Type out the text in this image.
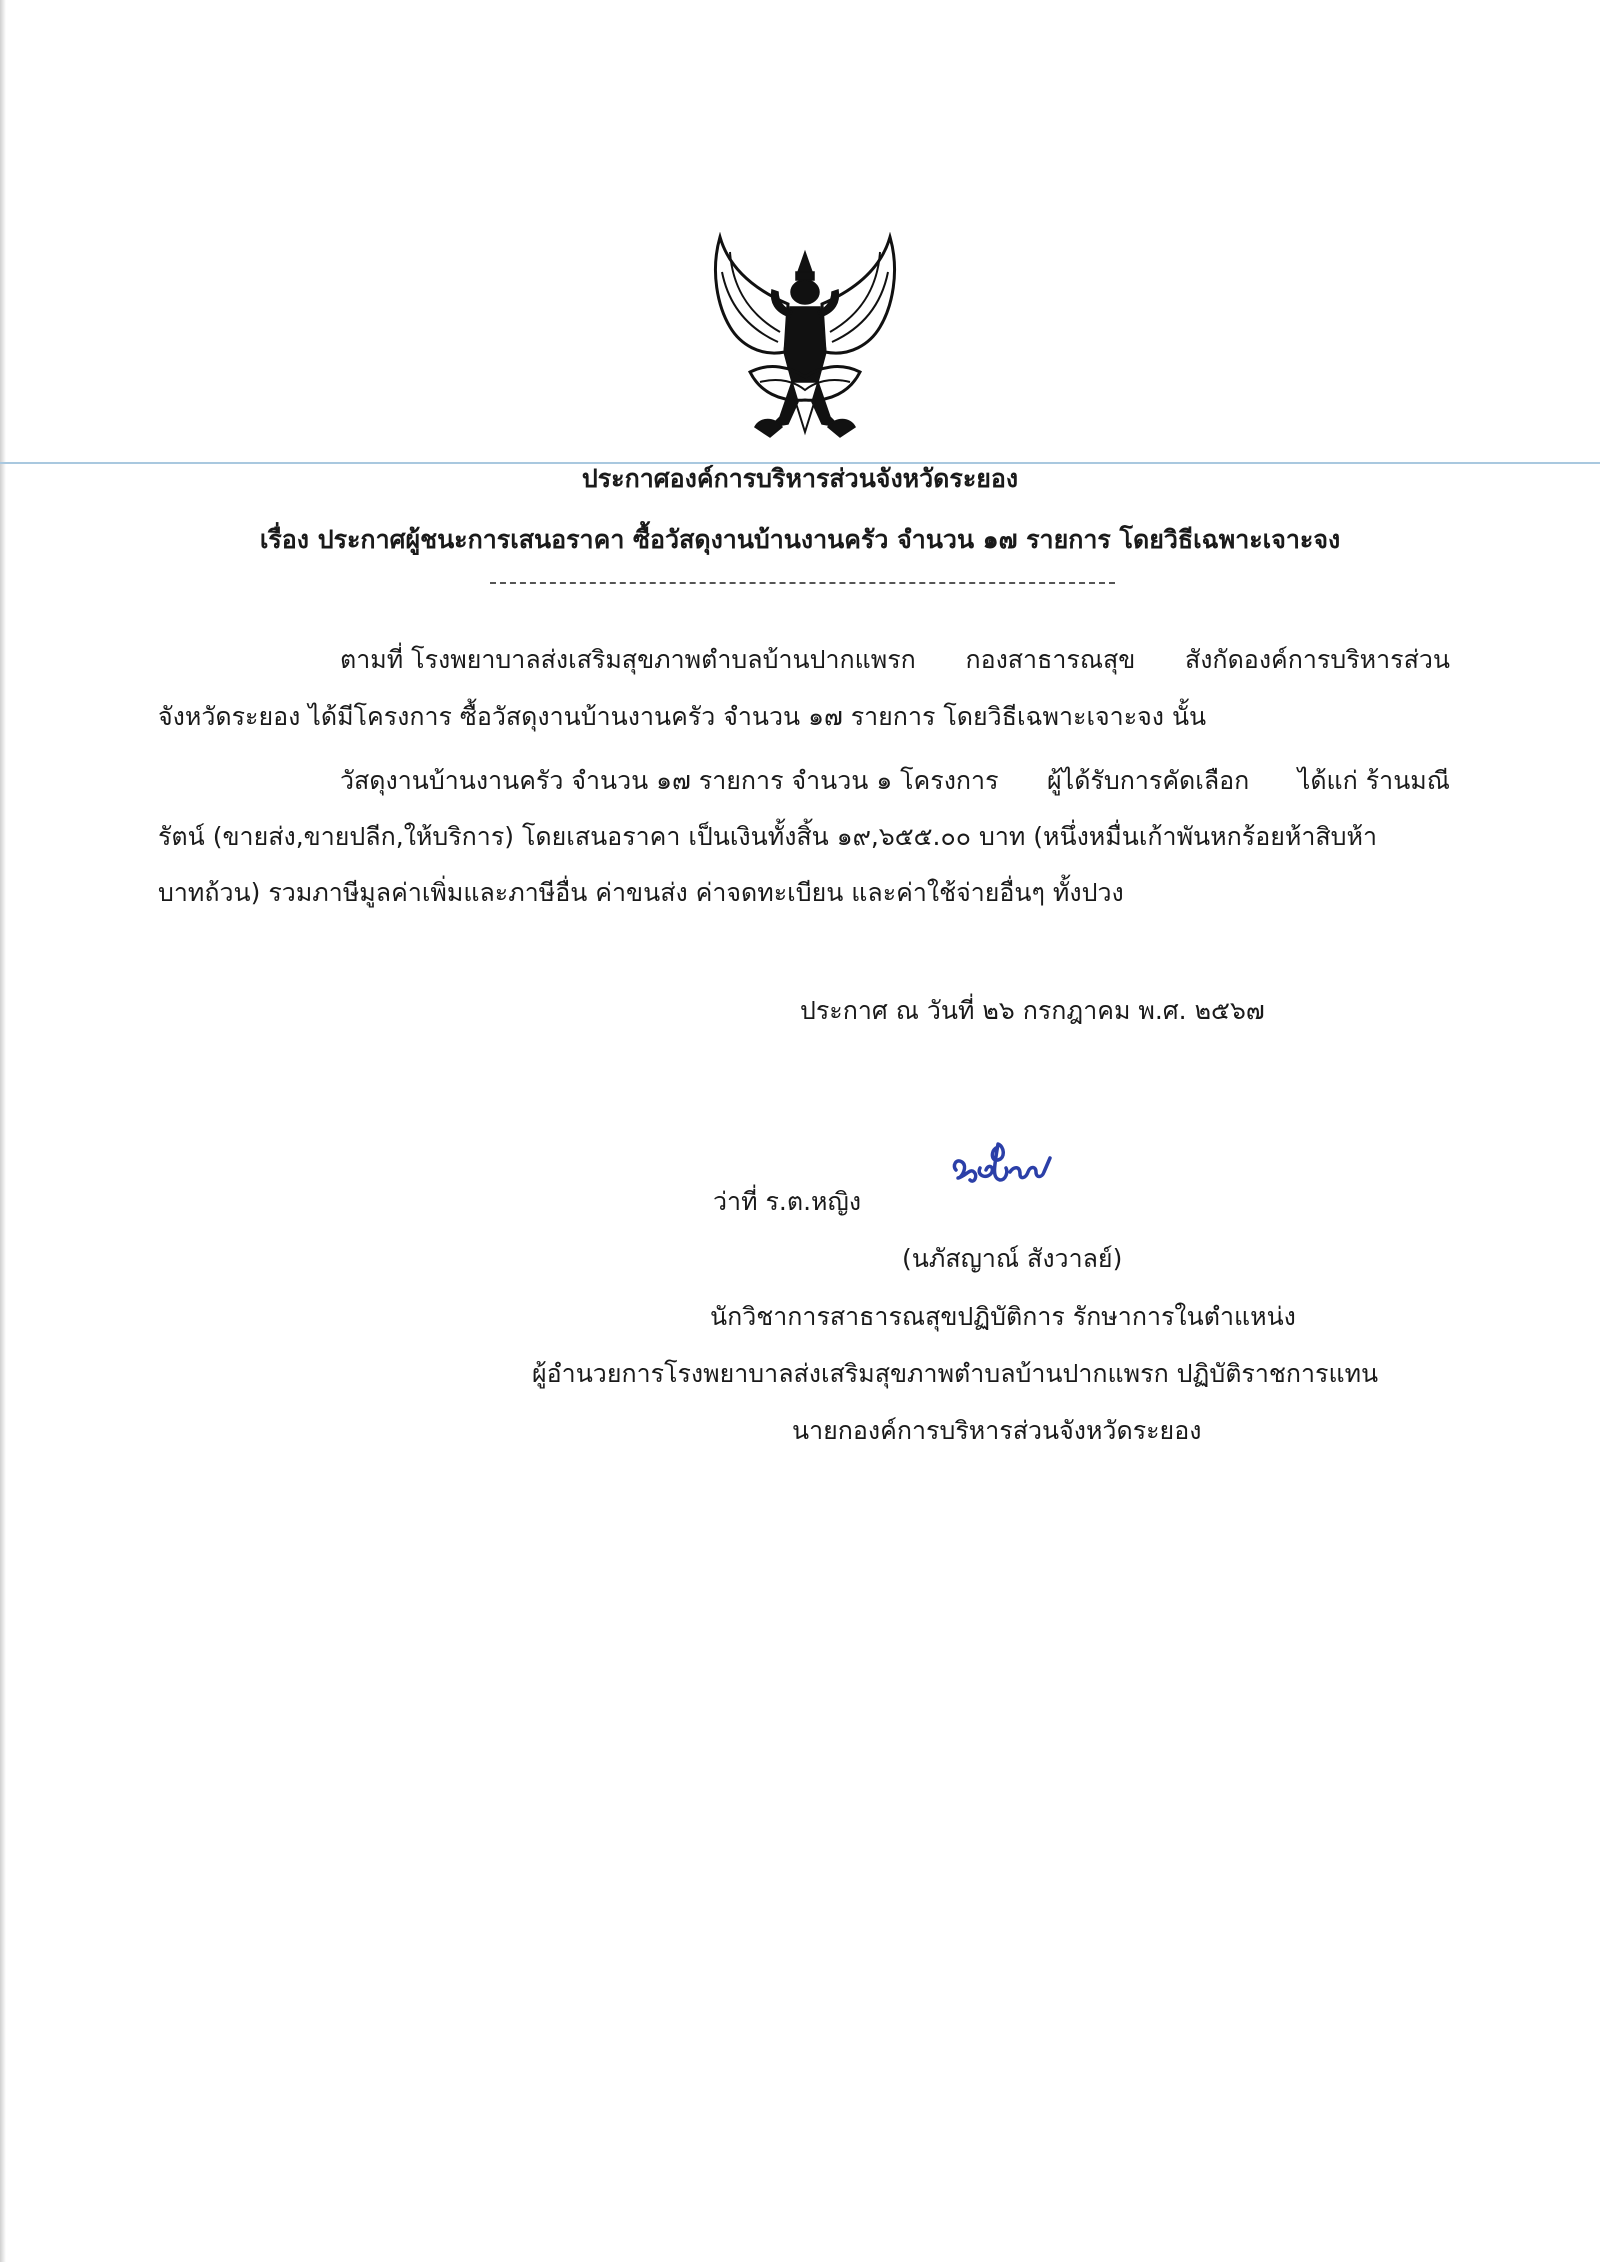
ประกาศองค์การบริหารส่วนจังหวัดระยอง

เรื่อง ประกาศผู้ชนะการเสนอราคา ซื้อวัสดุงานบ้านงานครัว จำนวน ๑๗ รายการ โดยวิธีเฉพาะเจาะจง

ตามที่ โรงพยาบาลส่งเสริมสุขภาพตำบลบ้านปากแพรก กองสาธารณสุข สังกัดองค์การบริหารส่วน

จังหวัดระยอง ได้มีโครงการ ซื้อวัสดุงานบ้านงานครัว จำนวน ๑๗ รายการ โดยวิธีเฉพาะเจาะจง นั้น

วัสดุงานบ้านงานครัว จำนวน ๑๗ รายการ จำนวน ๑ โครงการ ผู้ได้รับการคัดเลือก ได้แก่ ร้านมณี

รัตน์ (ขายส่ง,ขายปลีก,ให้บริการ) โดยเสนอราคา เป็นเงินทั้งสิ้น ๑๙,๖๕๕.๐๐ บาท (หนึ่งหมื่นเก้าพันหกร้อยห้าสิบห้า

บาทถ้วน) รวมภาษีมูลค่าเพิ่มและภาษีอื่น ค่าขนส่ง ค่าจดทะเบียน และค่าใช้จ่ายอื่นๆ ทั้งปวง

ประกาศ ณ วันที่ ๒๖ กรกฎาคม พ.ศ. ๒๕๖๗

ว่าที่ ร.ต.หญิง

(นภัสญาณ์ สังวาลย์)

นักวิชาการสาธารณสุขปฏิบัติการ รักษาการในตำแหน่ง

ผู้อำนวยการโรงพยาบาลส่งเสริมสุขภาพตำบลบ้านปากแพรก ปฏิบัติราชการแทน

นายกองค์การบริหารส่วนจังหวัดระยอง
